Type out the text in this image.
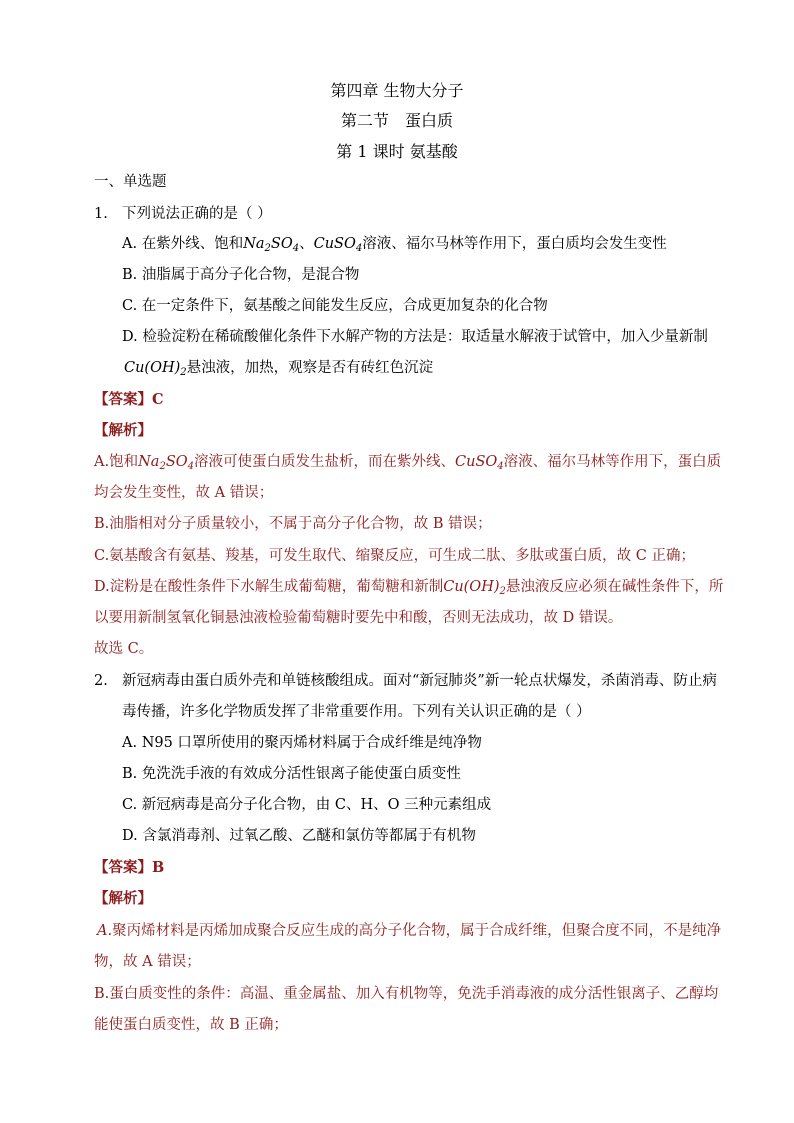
第四章 生物大分子
第二节　蛋白质
第 1 课时 氨基酸
一、单选题
1. 下列说法正确的是（ ）
A. 在紫外线、饱和$Na_2SO_4$、CuSO$_4$溶液、福尔马林等作用下，蛋白质均会发生变性
B. 油脂属于高分子化合物，是混合物
C. 在一定条件下，氨基酸之间能发生反应，合成更加复杂的化合物
D. 检验淀粉在稀硫酸催化条件下水解产物的方法是：取适量水解液于试管中，加入少量新制
$Cu(OH)_2$悬浊液，加热，观察是否有砖红色沉淀
【答案】C
【解析】
A.饱和$Na_2SO_4$溶液可使蛋白质发生盐析，而在紫外线、CuSO$_4$溶液、福尔马林等作用下，蛋白质
均会发生变性，故 A 错误；
B.油脂相对分子质量较小，不属于高分子化合物，故 B 错误；
C.氨基酸含有氨基、羧基，可发生取代、缩聚反应，可生成二肽、多肽或蛋白质，故 C 正确；
D.淀粉是在酸性条件下水解生成葡萄糖，葡萄糖和新制$Cu(OH)_2$悬浊液反应必须在碱性条件下，所
以要用新制氢氧化铜悬浊液检验葡萄糖时要先中和酸，否则无法成功，故 D 错误。
故选 C。
2. 新冠病毒由蛋白质外壳和单链核酸组成。面对“新冠肺炎”新一轮点状爆发，杀菌消毒、防止病
毒传播，许多化学物质发挥了非常重要作用。下列有关认识正确的是（ ）
A. N95 口罩所使用的聚丙烯材料属于合成纤维是纯净物
B. 免洗洗手液的有效成分活性银离子能使蛋白质变性
C. 新冠病毒是高分子化合物，由 C、H、O 三种元素组成
D. 含氯消毒剂、过氧乙酸、乙醚和氯仿等都属于有机物
【答案】B
【解析】
A.聚丙烯材料是丙烯加成聚合反应生成的高分子化合物，属于合成纤维，但聚合度不同，不是纯净
物，故 A 错误；
B.蛋白质变性的条件：高温、重金属盐、加入有机物等，免洗手消毒液的成分活性银离子、乙醇均
能使蛋白质变性，故 B 正确；
